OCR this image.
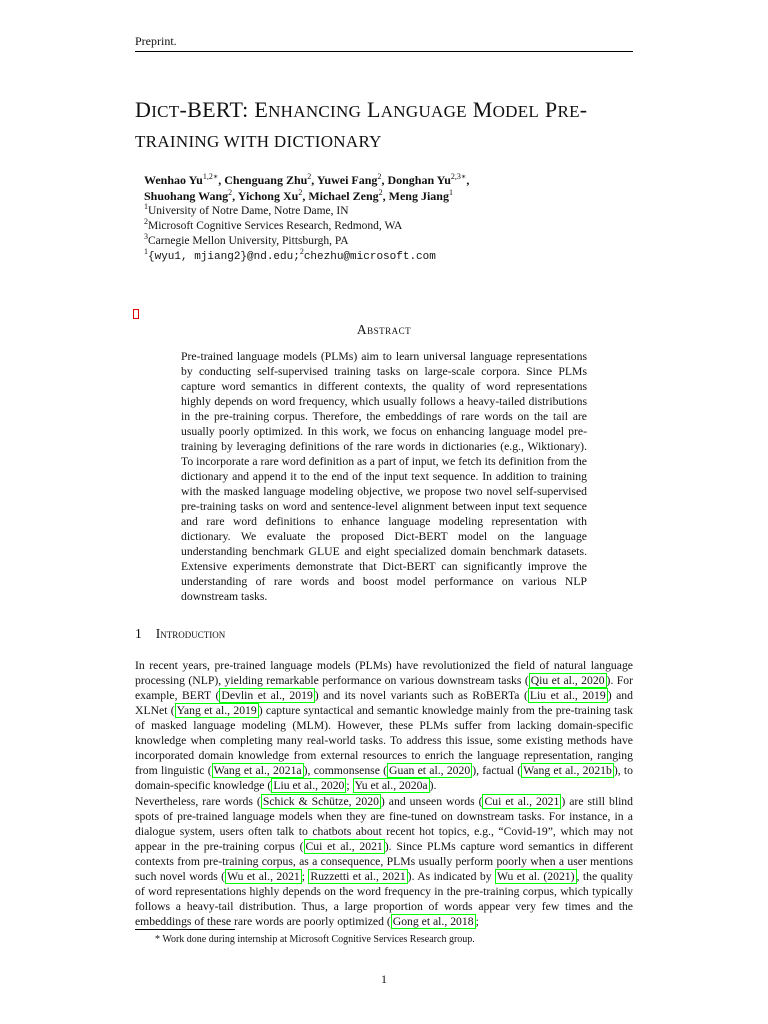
Preprint.
DICT-BERT: ENHANCING LANGUAGE MODEL PRE-
TRAINING WITH DICTIONARY
Wenhao $Yu^{1,2∗}$, Chenguang Zhu$^2$, Yuwei Fang$^2$, Donghan $Yu^{2,3∗}$,
Shuohang Wang$^2$, Yichong Xu$^2$, Michael Zeng$^2$, Meng Jiang$^1$
$^1$University of Notre Dame, Notre Dame, IN
$^2$Microsoft Cognitive Services Research, Redmond, WA
$^3$Carnegie Mellon University, Pittsburgh, PA
$^1${wyu1, mjiang2}@nd.edu;$^2$chezhu@microsoft.com
Abstract
Pre-trained language models (PLMs) aim to learn universal language representations by conducting self-supervised training tasks on large-scale corpora. Since PLMs capture word semantics in different contexts, the quality of word representations highly depends on word frequency, which usually follows a heavy-tailed distributions in the pre-training corpus. Therefore, the embeddings of rare words on the tail are usually poorly optimized. In this work, we focus on enhancing language model pre-training by leveraging definitions of the rare words in dictionaries (e.g., Wiktionary). To incorporate a rare word definition as a part of input, we fetch its definition from the dictionary and append it to the end of the input text sequence. In addition to training with the masked language modeling objective, we propose two novel self-supervised pre-training tasks on word and sentence-level alignment between input text sequence and rare word definitions to enhance language modeling representation with dictionary. We evaluate the proposed Dict-BERT model on the language understanding benchmark GLUE and eight specialized domain benchmark datasets. Extensive experiments demonstrate that Dict-BERT can significantly improve the understanding of rare words and boost model performance on various NLP downstream tasks.
1 Introduction
In recent years, pre-trained language models (PLMs) have revolutionized the field of natural language processing (NLP), yielding remarkable performance on various downstream tasks ( Qiu et al., 2020 ). For example, BERT ( Devlin et al., 2019 ) and its novel variants such as RoBERTa ( Liu et al., 2019 ) and XLNet ( Yang et al., 2019 ) capture syntactical and semantic knowledge mainly from the pre-training task of masked language modeling (MLM). However, these PLMs suffer from lacking domain-specific knowledge when completing many real-world tasks. To address this issue, some existing methods have incorporated domain knowledge from external resources to enrich the language representation, ranging from linguistic ( Wang et al., 2021a ), commonsense ( Guan et al., 2020 ), factual ( Wang et al., 2021b ), to domain-specific knowledge ( Liu et al., 2020 ; Yu et al., 2020a ).
Nevertheless, rare words ( Schick & Schütze, 2020 ) and unseen words ( Cui et al., 2021 ) are still blind spots of pre-trained language models when they are fine-tuned on downstream tasks. For instance, in a dialogue system, users often talk to chatbots about recent hot topics, e.g., “Covid-19”, which may not appear in the pre-training corpus ( Cui et al., 2021 ). Since PLMs capture word semantics in different contexts from pre-training corpus, as a consequence, PLMs usually perform poorly when a user mentions such novel words ( Wu et al., 2021 ; Ruzzetti et al., 2021 ). As indicated by Wu et al. (2021) , the quality of word representations highly depends on the word frequency in the pre-training corpus, which typically follows a heavy-tail distribution. Thus, a large proportion of words appear very few times and the embeddings of these rare words are poorly optimized ( Gong et al., 2018 ;
* Work done during internship at Microsoft Cognitive Services Research group.
1
